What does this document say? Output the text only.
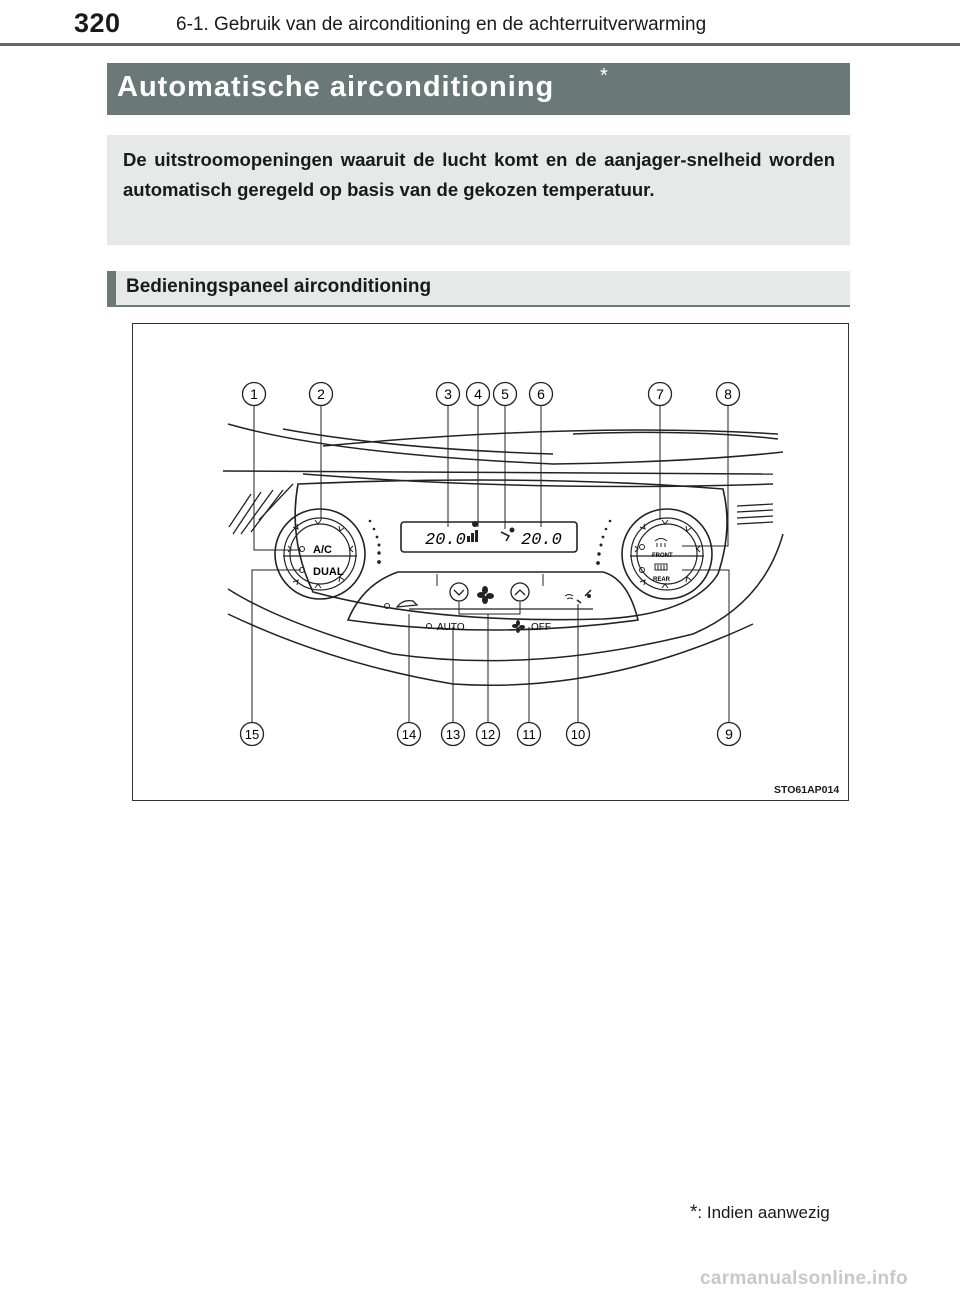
320	6-1. Gebruik van de airconditioning en de achterruitverwarming
Automatische airconditioning *

De uitstroomopeningen waaruit de lucht komt en de aanjager-snelheid worden automatisch geregeld op basis van de gekozen temperatuur.

Bedieningspaneel airconditioning
20.0	20.0
A/C
DUAL
FRONT
REAR
AUTO	OFF
1	2	3 4 5 6	7	8
15	14 13 12 11	10	9
STO61AP014
*: Indien aanwezig
carmanualsonline.info
